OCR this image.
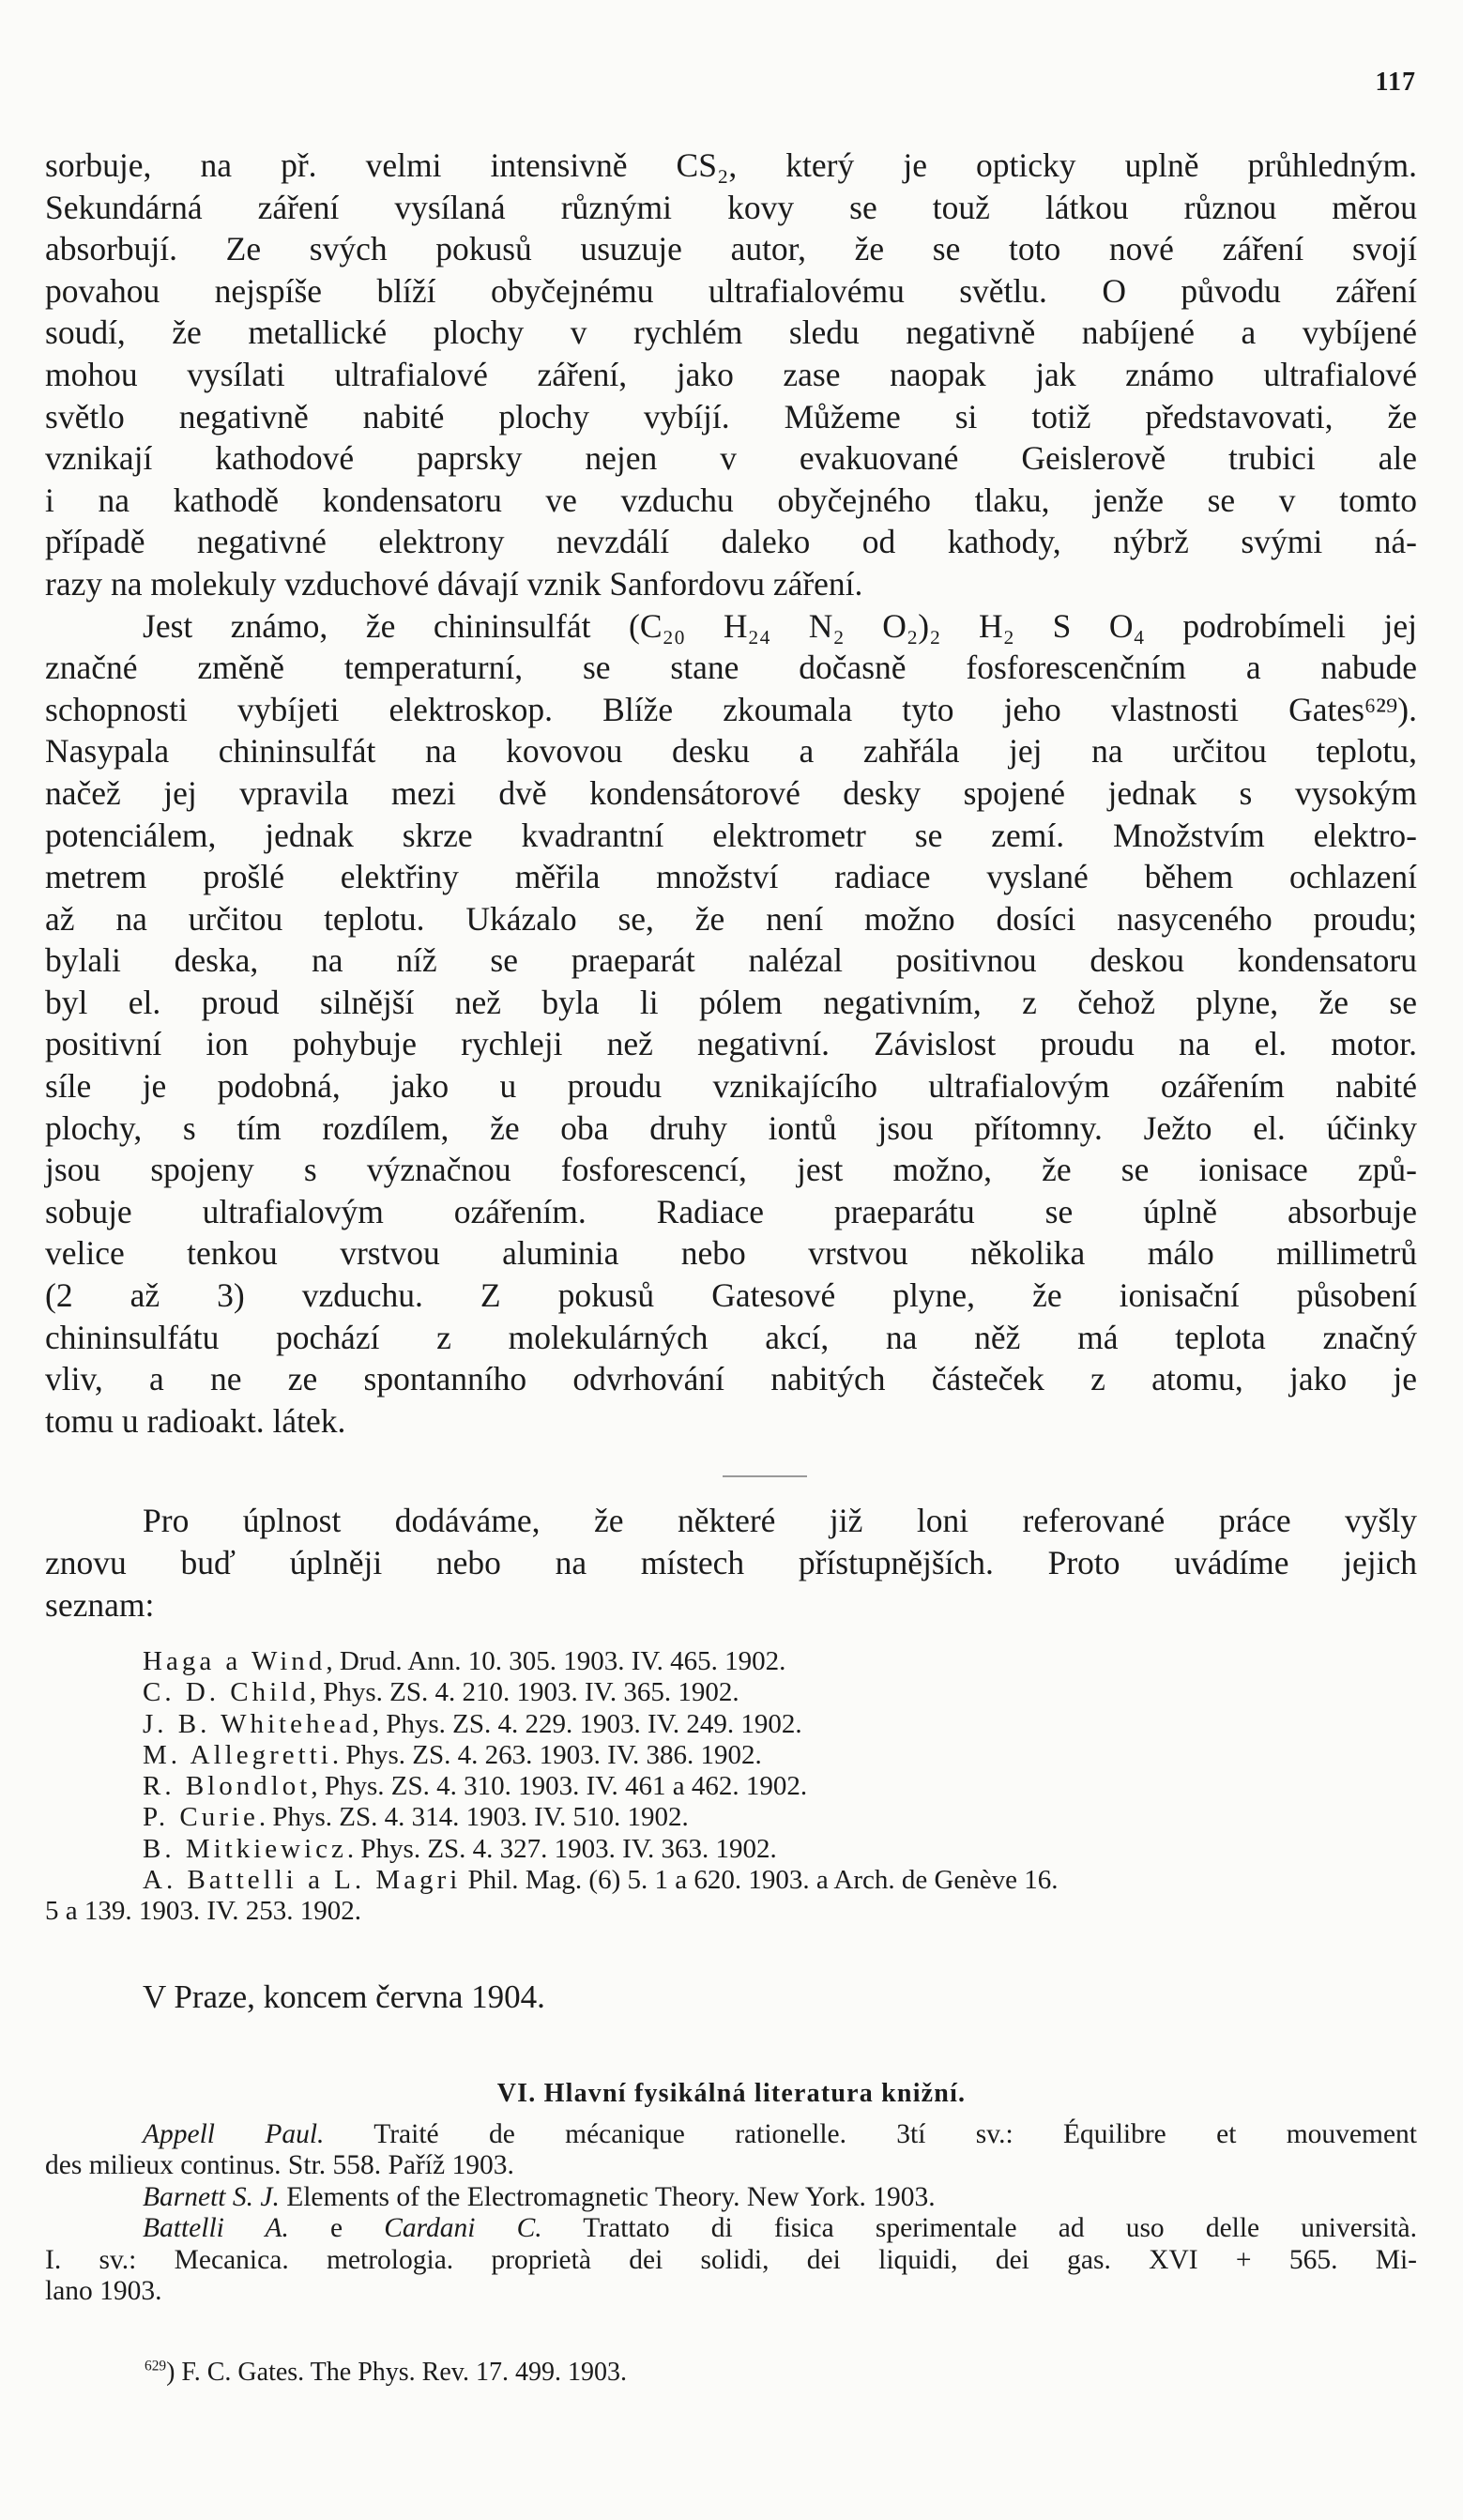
117
sorbuje, na př. velmi intensivně CS₂, který je opticky uplně průhledným.
Sekundárná záření vysílaná různými kovy se touž látkou různou měrou
absorbují. Ze svých pokusů usuzuje autor, že se toto nové záření svojí
povahou nejspíše blíží obyčejnému ultrafialovému světlu. O původu záření
soudí, že metallické plochy v rychlém sledu negativně nabíjené a vybíjené
mohou vysílati ultrafialové záření, jako zase naopak jak známo ultrafialové
světlo negativně nabité plochy vybíjí. Můžeme si totiž představovati, že
vznikají kathodové paprsky nejen v evakuované Geislerově trubici ale
i na kathodě kondensatoru ve vzduchu obyčejného tlaku, jenže se v tomto
případě negativné elektrony nevzdálí daleko od kathody, nýbrž svými ná-
razy na molekuly vzduchové dávají vznik Sanfordovu záření.
Jest známo, že chininsulfát (C₂₀ H₂₄ N₂ O₂)₂ H₂ S O₄ podrobímeli jej
značné změně temperaturní, se stane dočasně fosforescenčním a nabude
schopnosti vybíjeti elektroskop. Blíže zkoumala tyto jeho vlastnosti Gates⁶²⁹).
Nasypala chininsulfát na kovovou desku a zahřála jej na určitou teplotu,
načež jej vpravila mezi dvě kondensátorové desky spojené jednak s vysokým
potenciálem, jednak skrze kvadrantní elektrometr se zemí. Množstvím elektro-
metrem prošlé elektřiny měřila množství radiace vyslané během ochlazení
až na určitou teplotu. Ukázalo se, že není možno dosíci nasyceného proudu;
bylali deska, na níž se praeparát nalézal positivnou deskou kondensatoru
byl el. proud silnější než byla li pólem negativním, z čehož plyne, že se
positivní ion pohybuje rychleji než negativní. Závislost proudu na el. motor.
síle je podobná, jako u proudu vznikajícího ultrafialovým ozářením nabité
plochy, s tím rozdílem, že oba druhy iontů jsou přítomny. Ježto el. účinky
jsou spojeny s význačnou fosforescencí, jest možno, že se ionisace způ-
sobuje ultrafialovým ozářením. Radiace praeparátu se úplně absorbuje
velice tenkou vrstvou aluminia nebo vrstvou několika málo millimetrů
(2 až 3) vzduchu. Z pokusů Gatesové plyne, že ionisační působení
chininsulfátu pochází z molekulárných akcí, na něž má teplota značný
vliv, a ne ze spontanního odvrhování nabitých částeček z atomu, jako je
tomu u radioakt. látek.
Pro úplnost dodáváme, že některé již loni referované práce vyšly
znovu buď úplněji nebo na místech přístupnějších. Proto uvádíme jejich
seznam:
Haga a Wind, Drud. Ann. 10. 305. 1903. IV. 465. 1902.
C. D. Child, Phys. ZS. 4. 210. 1903. IV. 365. 1902.
J. B. Whitehead, Phys. ZS. 4. 229. 1903. IV. 249. 1902.
M. Allegretti. Phys. ZS. 4. 263. 1903. IV. 386. 1902.
R. Blondlot, Phys. ZS. 4. 310. 1903. IV. 461 a 462. 1902.
P. Curie. Phys. ZS. 4. 314. 1903. IV. 510. 1902.
B. Mitkiewicz. Phys. ZS. 4. 327. 1903. IV. 363. 1902.
A. Battelli a L. Magri Phil. Mag. (6) 5. 1 a 620. 1903. a Arch. de Genève 16.
5 a 139. 1903. IV. 253. 1902.
V Praze, koncem června 1904.
VI. Hlavní fysikálná literatura knižní.
Appell Paul. Traité de mécanique rationelle. 3tí sv.: Équilibre et mouvement
des milieux continus. Str. 558. Paříž 1903.
Barnett S. J. Elements of the Electromagnetic Theory. New York. 1903.
Battelli A. e Cardani C. Trattato di fisica sperimentale ad uso delle università.
I. sv.: Mecanica. metrologia. proprietà dei solidi, dei liquidi, dei gas. XVI + 565. Mi-
lano 1903.
$^{629}$) F. C. Gates. The Phys. Rev. 17. 499. 1903.
